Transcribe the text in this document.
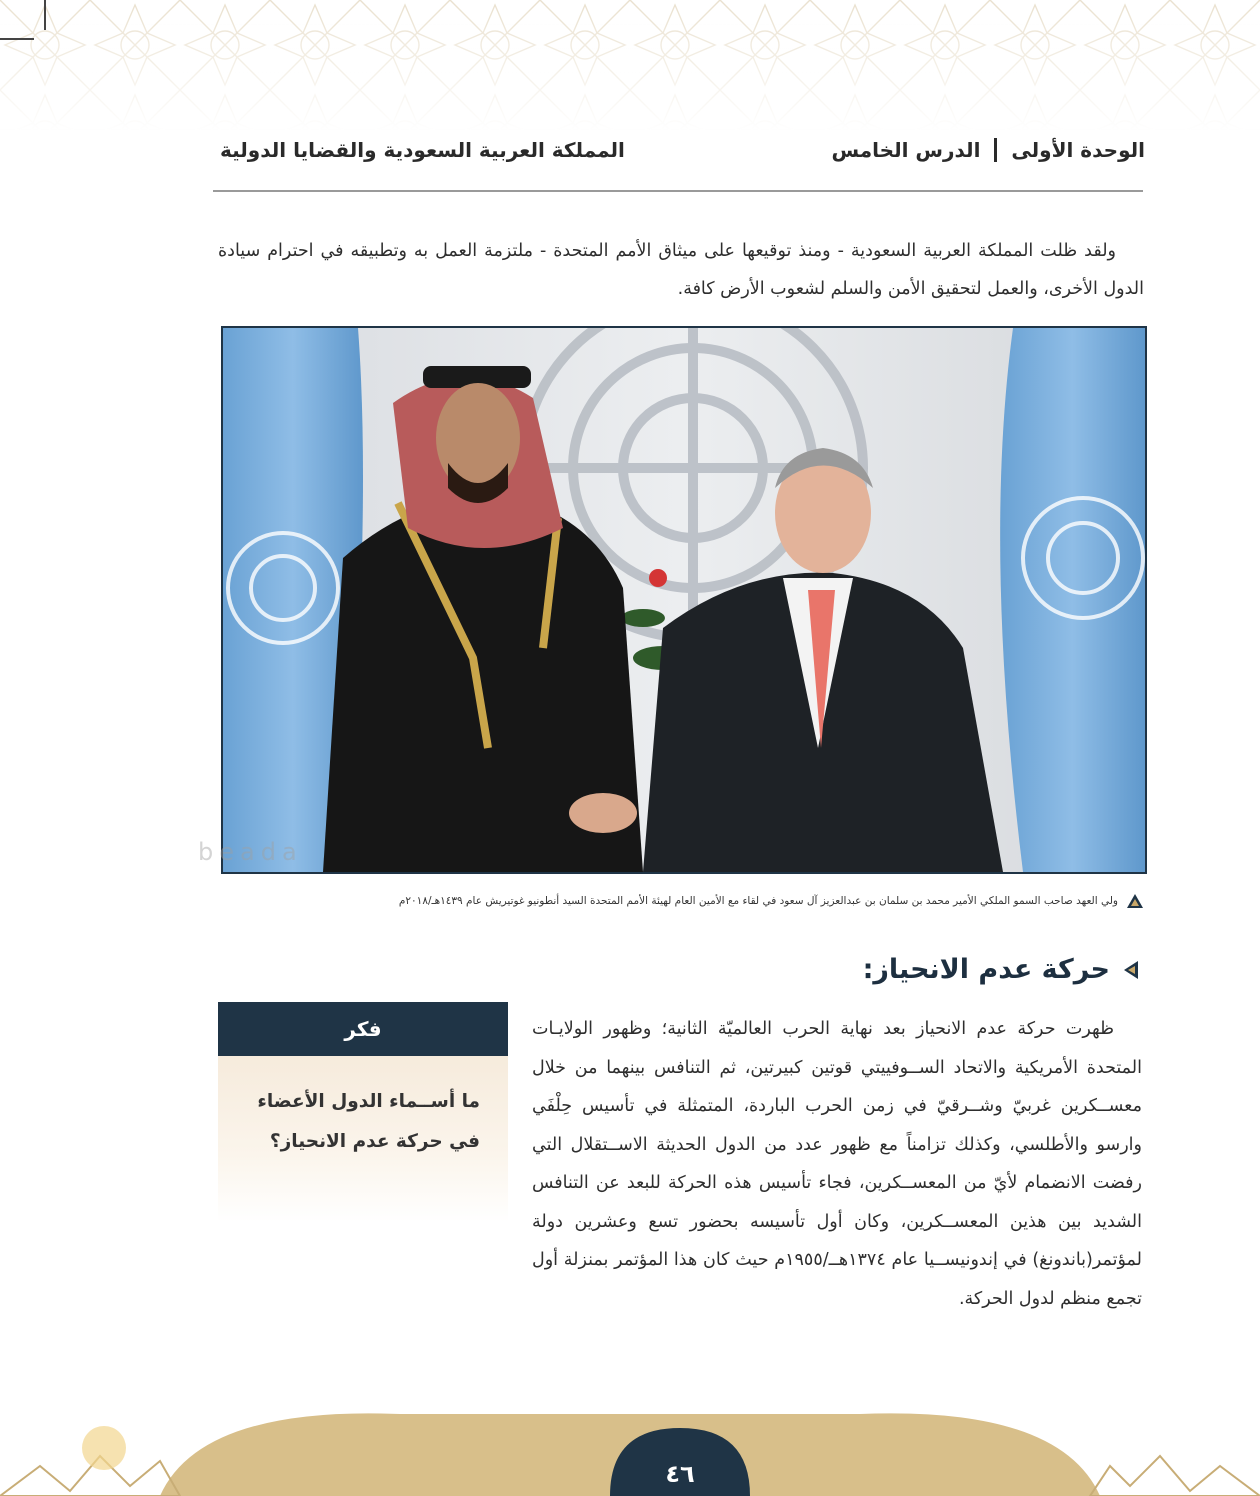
الوحدة الأولى
الدرس الخامس
المملكة العربية السعودية والقضايا الدولية

ولقد ظلت المملكة العربية السعودية - ومنذ توقيعها على ميثاق الأمم المتحدة - ملتزمة العمل به وتطبيقه في احترام سيادة الدول الأخرى، والعمل لتحقيق الأمن والسلم لشعوب الأرض كافة.

ولي العهد صاحب السمو الملكي الأمير محمد بن سلمان بن عبدالعزيز آل سعود في لقاء مع الأمين العام لهيئة الأمم المتحدة السيد أنطونيو غوتيريش عام ١٤٣٩هـ/٢٠١٨م
حركة عدم الانحياز:

ظهرت حركة عدم الانحياز بعد نهاية الحرب العالميّة الثانية؛ وظهور الولايـات المتحدة الأمريكية والاتحاد الســوفييتي قوتين كبيرتين، ثم التنافس بينهما من خلال معســكرين غربيّ وشــرقيّ في زمن الحرب الباردة، المتمثلة في تأسيس حِلْفَي وارسو والأطلسي، وكذلك تزامناً مع ظهور عدد من الدول الحديثة الاســتقلال التي رفضت الانضمام لأيّ من المعســكرين، فجاء تأسيس هذه الحركة للبعد عن التنافس الشديد بين هذين المعســكرين، وكان أول تأسيسه بحضور تسع وعشرين دولة لمؤتمر(باندونغ) في إندونيســيا عام ١٣٧٤هــ/١٩٥٥م حيث كان هذا المؤتمر بمنزلة أول تجمع منظم لدول الحركة.

فكر
ما أســماء الدول الأعضاء في حركة عدم الانحياز؟
beada
٤٦
